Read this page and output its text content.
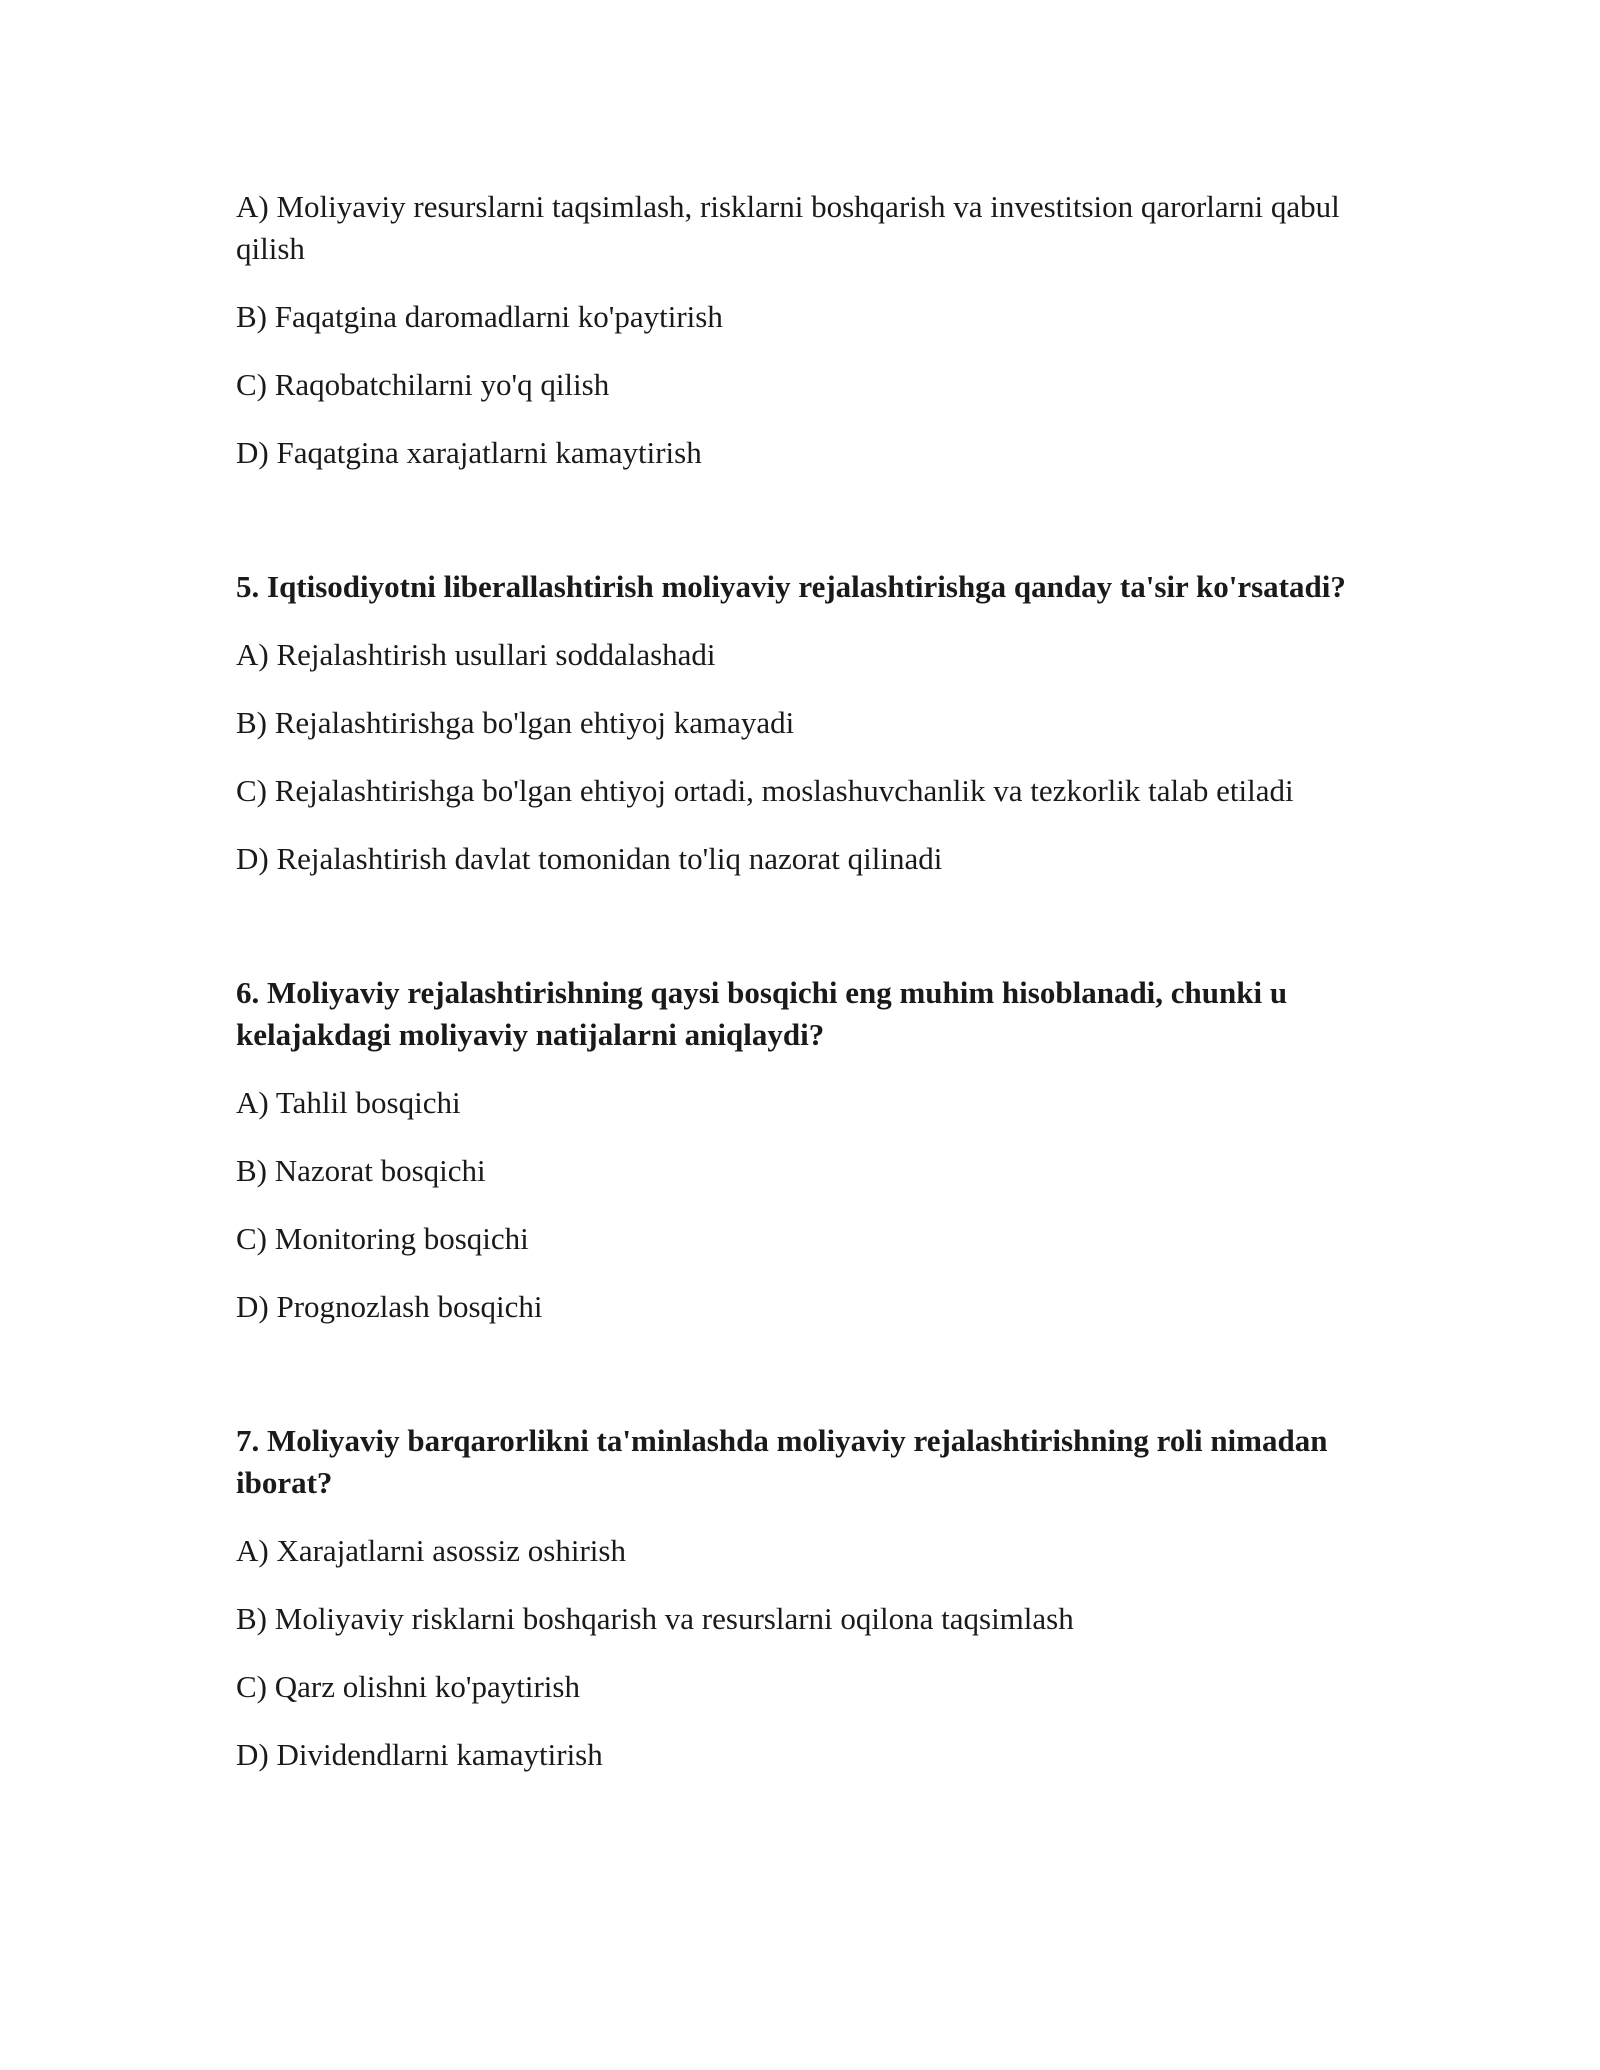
A) Moliyaviy resurslarni taqsimlash, risklarni boshqarish va investitsion qarorlarni qabul qilish

B) Faqatgina daromadlarni ko'paytirish

C) Raqobatchilarni yo'q qilish

D) Faqatgina xarajatlarni kamaytirish

5. Iqtisodiyotni liberallashtirish moliyaviy rejalashtirishga qanday ta'sir ko'rsatadi?

A) Rejalashtirish usullari soddalashadi

B) Rejalashtirishga bo'lgan ehtiyoj kamayadi

C) Rejalashtirishga bo'lgan ehtiyoj ortadi, moslashuvchanlik va tezkorlik talab etiladi

D) Rejalashtirish davlat tomonidan to'liq nazorat qilinadi

6. Moliyaviy rejalashtirishning qaysi bosqichi eng muhim hisoblanadi, chunki u kelajakdagi moliyaviy natijalarni aniqlaydi?

A) Tahlil bosqichi

B) Nazorat bosqichi

C) Monitoring bosqichi

D) Prognozlash bosqichi

7. Moliyaviy barqarorlikni ta'minlashda moliyaviy rejalashtirishning roli nimadan iborat?

A) Xarajatlarni asossiz oshirish

B) Moliyaviy risklarni boshqarish va resurslarni oqilona taqsimlash

C) Qarz olishni ko'paytirish

D) Dividendlarni kamaytirish
